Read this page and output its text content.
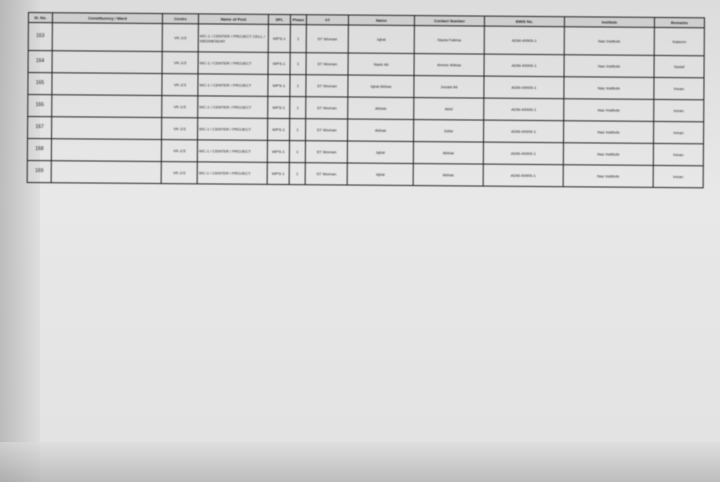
Sl. No.	Constituency / Ward	Centre	Name of Post	SPL	Phase	VT	Name	Contact Number	EMIS No.	Institute	Remarks
163		VK-1/3	WC-1 / CENTER / PROJECT CELL / WEDNESDAY	WPS-1	1	ST Woman	Iqbal	Nazia Fatima	ADM-49909-1	Naz Institute	Kaleem
164		VK-1/3	WC-1 / CENTER / PROJECT	WPS-1	1	ST Woman	Nasir Ali	Ameer Abbas	ADM-49909-1	Naz Institute	Sadaf
165		VK-1/3	WC-1 / CENTER / PROJECT	WPS-1	1	ST Woman	Iqbal Abbas	Junaid Ali	ADM-49909-1	Naz Institute	Imran
166		VK-1/3	WC-1 / CENTER / PROJECT	WPS-1	1	ST Woman	Abbas	Abid	ADM-49909-1	Naz Institute	Imran
167		VK-1/3	WC-1 / CENTER / PROJECT	WPS-1	1	ST Woman	Abbas	Zafar	ADM-49909-1	Naz Institute	Imran
168		VK-1/3	WC-1 / CENTER / PROJECT	WPS-1	1	ST Woman	Iqbal	Abbas	ADM-49909-1	Naz Institute	Imran
169		VK-1/3	WC-1 / CENTER / PROJECT	WPS-1	1	ST Woman	Iqbal	Abbas	ADM-49909-1	Naz Institute	Imran
